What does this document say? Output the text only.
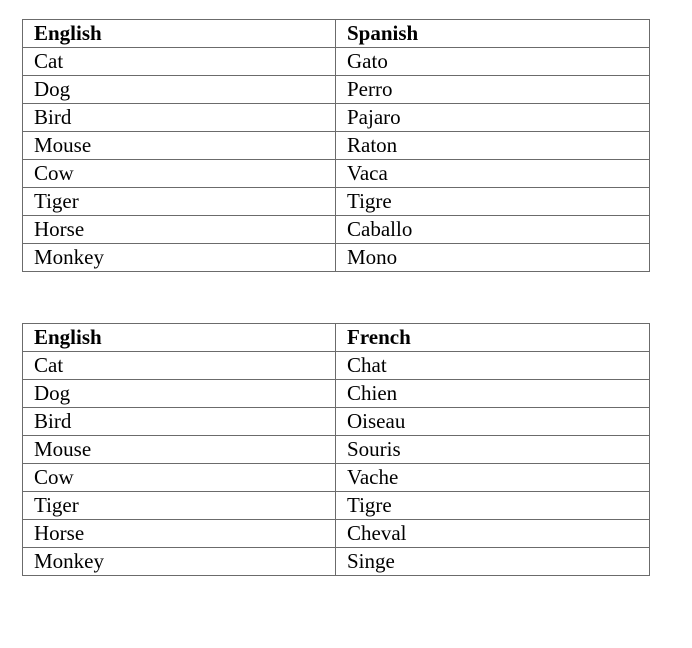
English	Spanish
Cat	Gato
Dog	Perro
Bird	Pajaro
Mouse	Raton
Cow	Vaca
Tiger	Tigre
Horse	Caballo
Monkey	Mono
English	French
Cat	Chat
Dog	Chien
Bird	Oiseau
Mouse	Souris
Cow	Vache
Tiger	Tigre
Horse	Cheval
Monkey	Singe
